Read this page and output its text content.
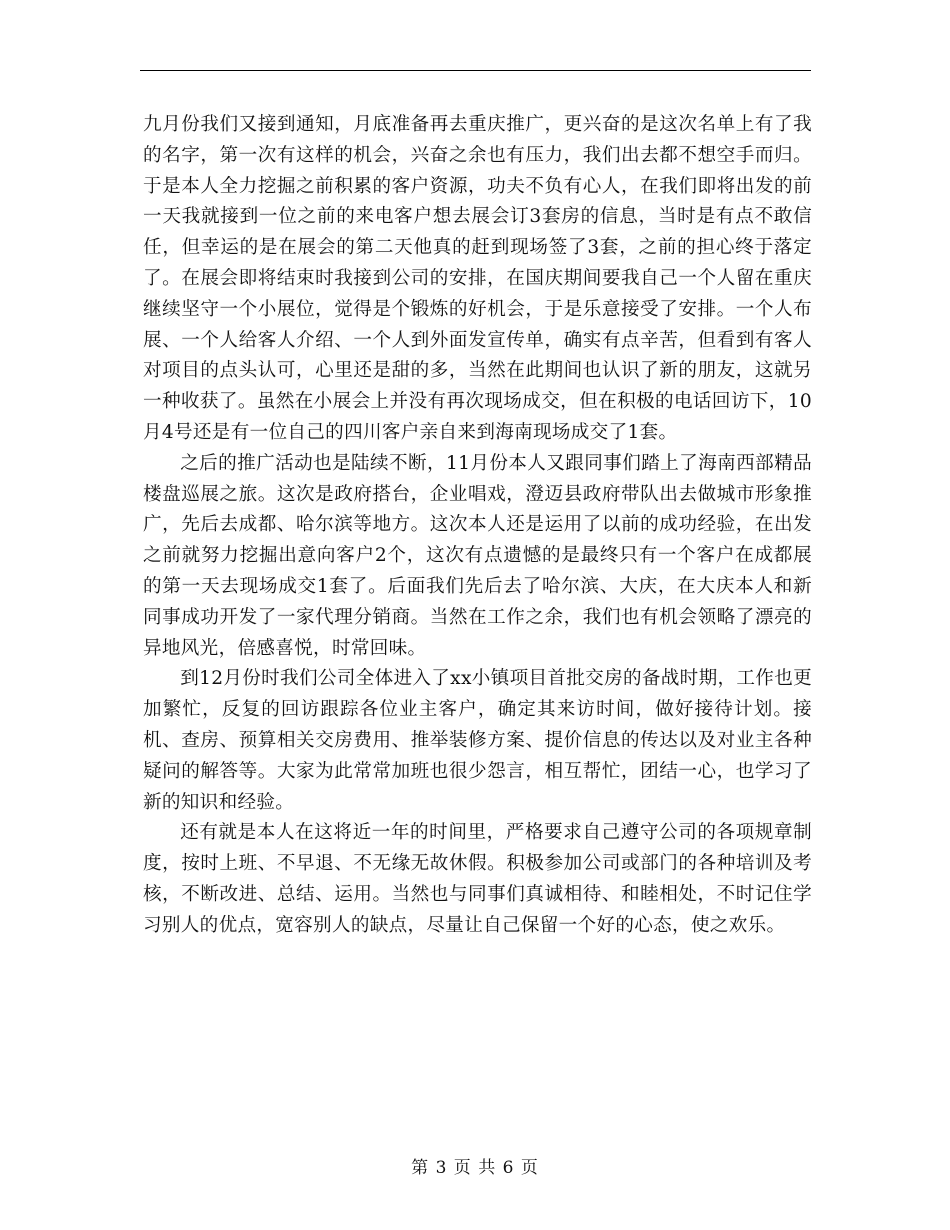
九月份我们又接到通知，月底准备再去重庆推广，更兴奋的是这次名单上有了我的名字，第一次有这样的机会，兴奋之余也有压力，我们出去都不想空手而归。于是本人全力挖掘之前积累的客户资源，功夫不负有心人，在我们即将出发的前一天我就接到一位之前的来电客户想去展会订3套房的信息，当时是有点不敢信任，但幸运的是在展会的第二天他真的赶到现场签了3套，之前的担心终于落定了。在展会即将结束时我接到公司的安排，在国庆期间要我自己一个人留在重庆继续坚守一个小展位，觉得是个锻炼的好机会，于是乐意接受了安排。一个人布展、一个人给客人介绍、一个人到外面发宣传单，确实有点辛苦，但看到有客人对项目的点头认可，心里还是甜的多，当然在此期间也认识了新的朋友，这就另一种收获了。虽然在小展会上并没有再次现场成交，但在积极的电话回访下，10月4号还是有一位自己的四川客户亲自来到海南现场成交了1套。

之后的推广活动也是陆续不断，11月份本人又跟同事们踏上了海南西部精品楼盘巡展之旅。这次是政府搭台，企业唱戏，澄迈县政府带队出去做城市形象推广，先后去成都、哈尔滨等地方。这次本人还是运用了以前的成功经验，在出发之前就努力挖掘出意向客户2个，这次有点遗憾的是最终只有一个客户在成都展的第一天去现场成交1套了。后面我们先后去了哈尔滨、大庆，在大庆本人和新同事成功开发了一家代理分销商。当然在工作之余，我们也有机会领略了漂亮的异地风光，倍感喜悦，时常回味。

到12月份时我们公司全体进入了xx小镇项目首批交房的备战时期，工作也更加繁忙，反复的回访跟踪各位业主客户，确定其来访时间，做好接待计划。接机、查房、预算相关交房费用、推举装修方案、提价信息的传达以及对业主各种疑问的解答等。大家为此常常加班也很少怨言，相互帮忙，团结一心，也学习了新的知识和经验。

还有就是本人在这将近一年的时间里，严格要求自己遵守公司的各项规章制度，按时上班、不早退、不无缘无故休假。积极参加公司或部门的各种培训及考核，不断改进、总结、运用。当然也与同事们真诚相待、和睦相处，不时记住学习别人的优点，宽容别人的缺点，尽量让自己保留一个好的心态，使之欢乐。

第 3 页 共 6 页
